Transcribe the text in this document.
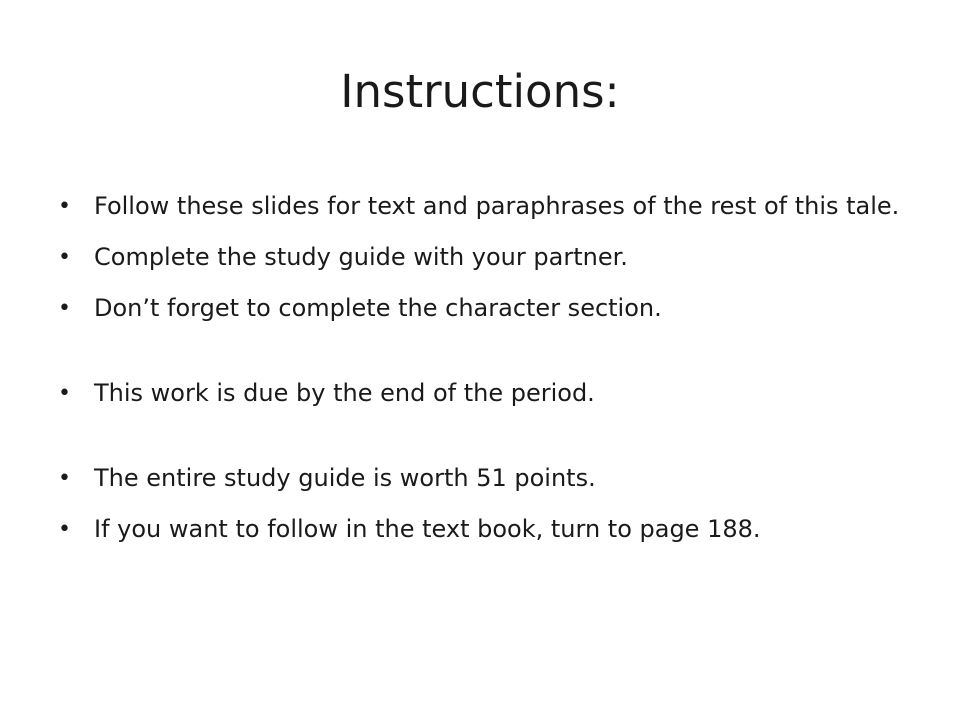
Instructions:
• Follow these slides for text and paraphrases of the rest of this tale.
• Complete the study guide with your partner.
• Don’t forget to complete the character section.
• This work is due by the end of the period.
• The entire study guide is worth 51 points.
• If you want to follow in the text book, turn to page 188.
